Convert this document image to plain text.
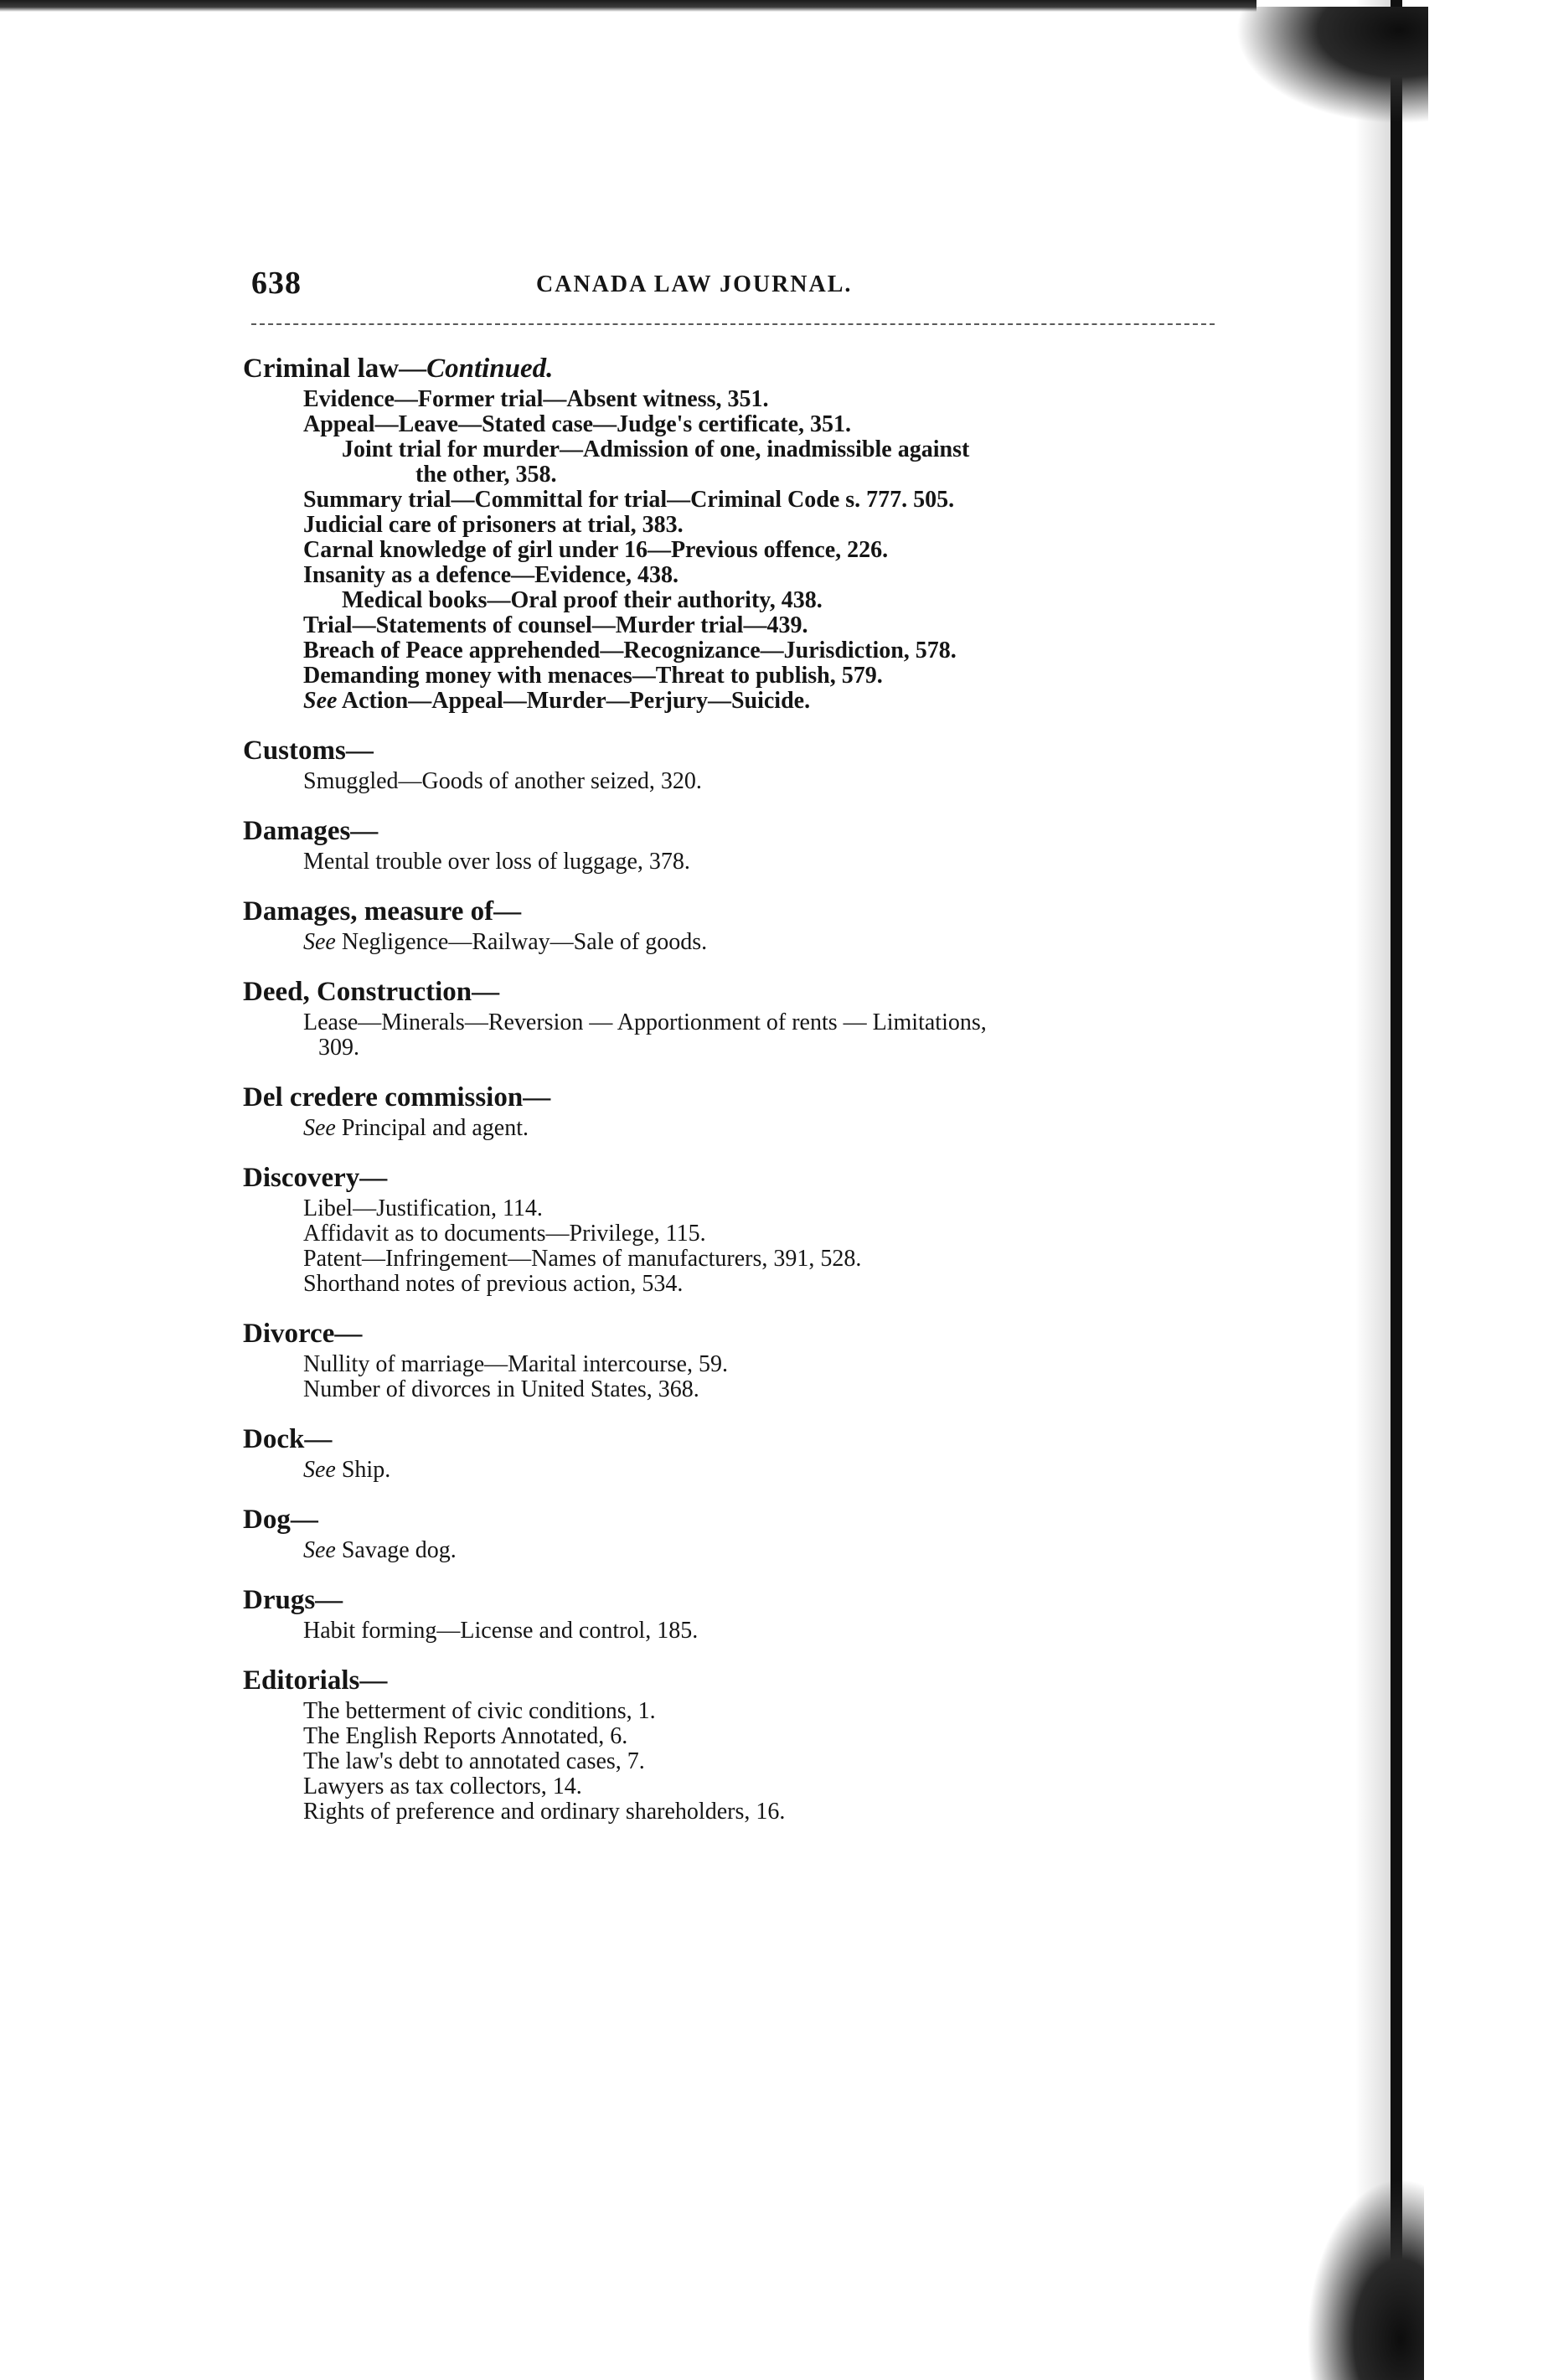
638	CANADA LAW JOURNAL.
Criminal law—Continued.
Evidence—Former trial—Absent witness, 351.
Appeal—Leave—Stated case—Judge's certificate, 351.
Joint trial for murder—Admission of one, inadmissible against
the other, 358.
Summary trial—Committal for trial—Criminal Code s. 777. 505.
Judicial care of prisoners at trial, 383.
Carnal knowledge of girl under 16—Previous offence, 226.
Insanity as a defence—Evidence, 438.
Medical books—Oral proof their authority, 438.
Trial—Statements of counsel—Murder trial—439.
Breach of Peace apprehended—Recognizance—Jurisdiction, 578.
Demanding money with menaces—Threat to publish, 579.
See Action—Appeal—Murder—Perjury—Suicide.
Customs—
Smuggled—Goods of another seized, 320.
Damages—
Mental trouble over loss of luggage, 378.
Damages, measure of—
See Negligence—Railway—Sale of goods.
Deed, Construction—
Lease—Minerals—Reversion — Apportionment of rents — Limitations,
309.
Del credere commission—
See Principal and agent.
Discovery—
Libel—Justification, 114.
Affidavit as to documents—Privilege, 115.
Patent—Infringement—Names of manufacturers, 391, 528.
Shorthand notes of previous action, 534.
Divorce—
Nullity of marriage—Marital intercourse, 59.
Number of divorces in United States, 368.
Dock—
See Ship.
Dog—
See Savage dog.
Drugs—
Habit forming—License and control, 185.
Editorials—
The betterment of civic conditions, 1.
The English Reports Annotated, 6.
The law's debt to annotated cases, 7.
Lawyers as tax collectors, 14.
Rights of preference and ordinary shareholders, 16.
